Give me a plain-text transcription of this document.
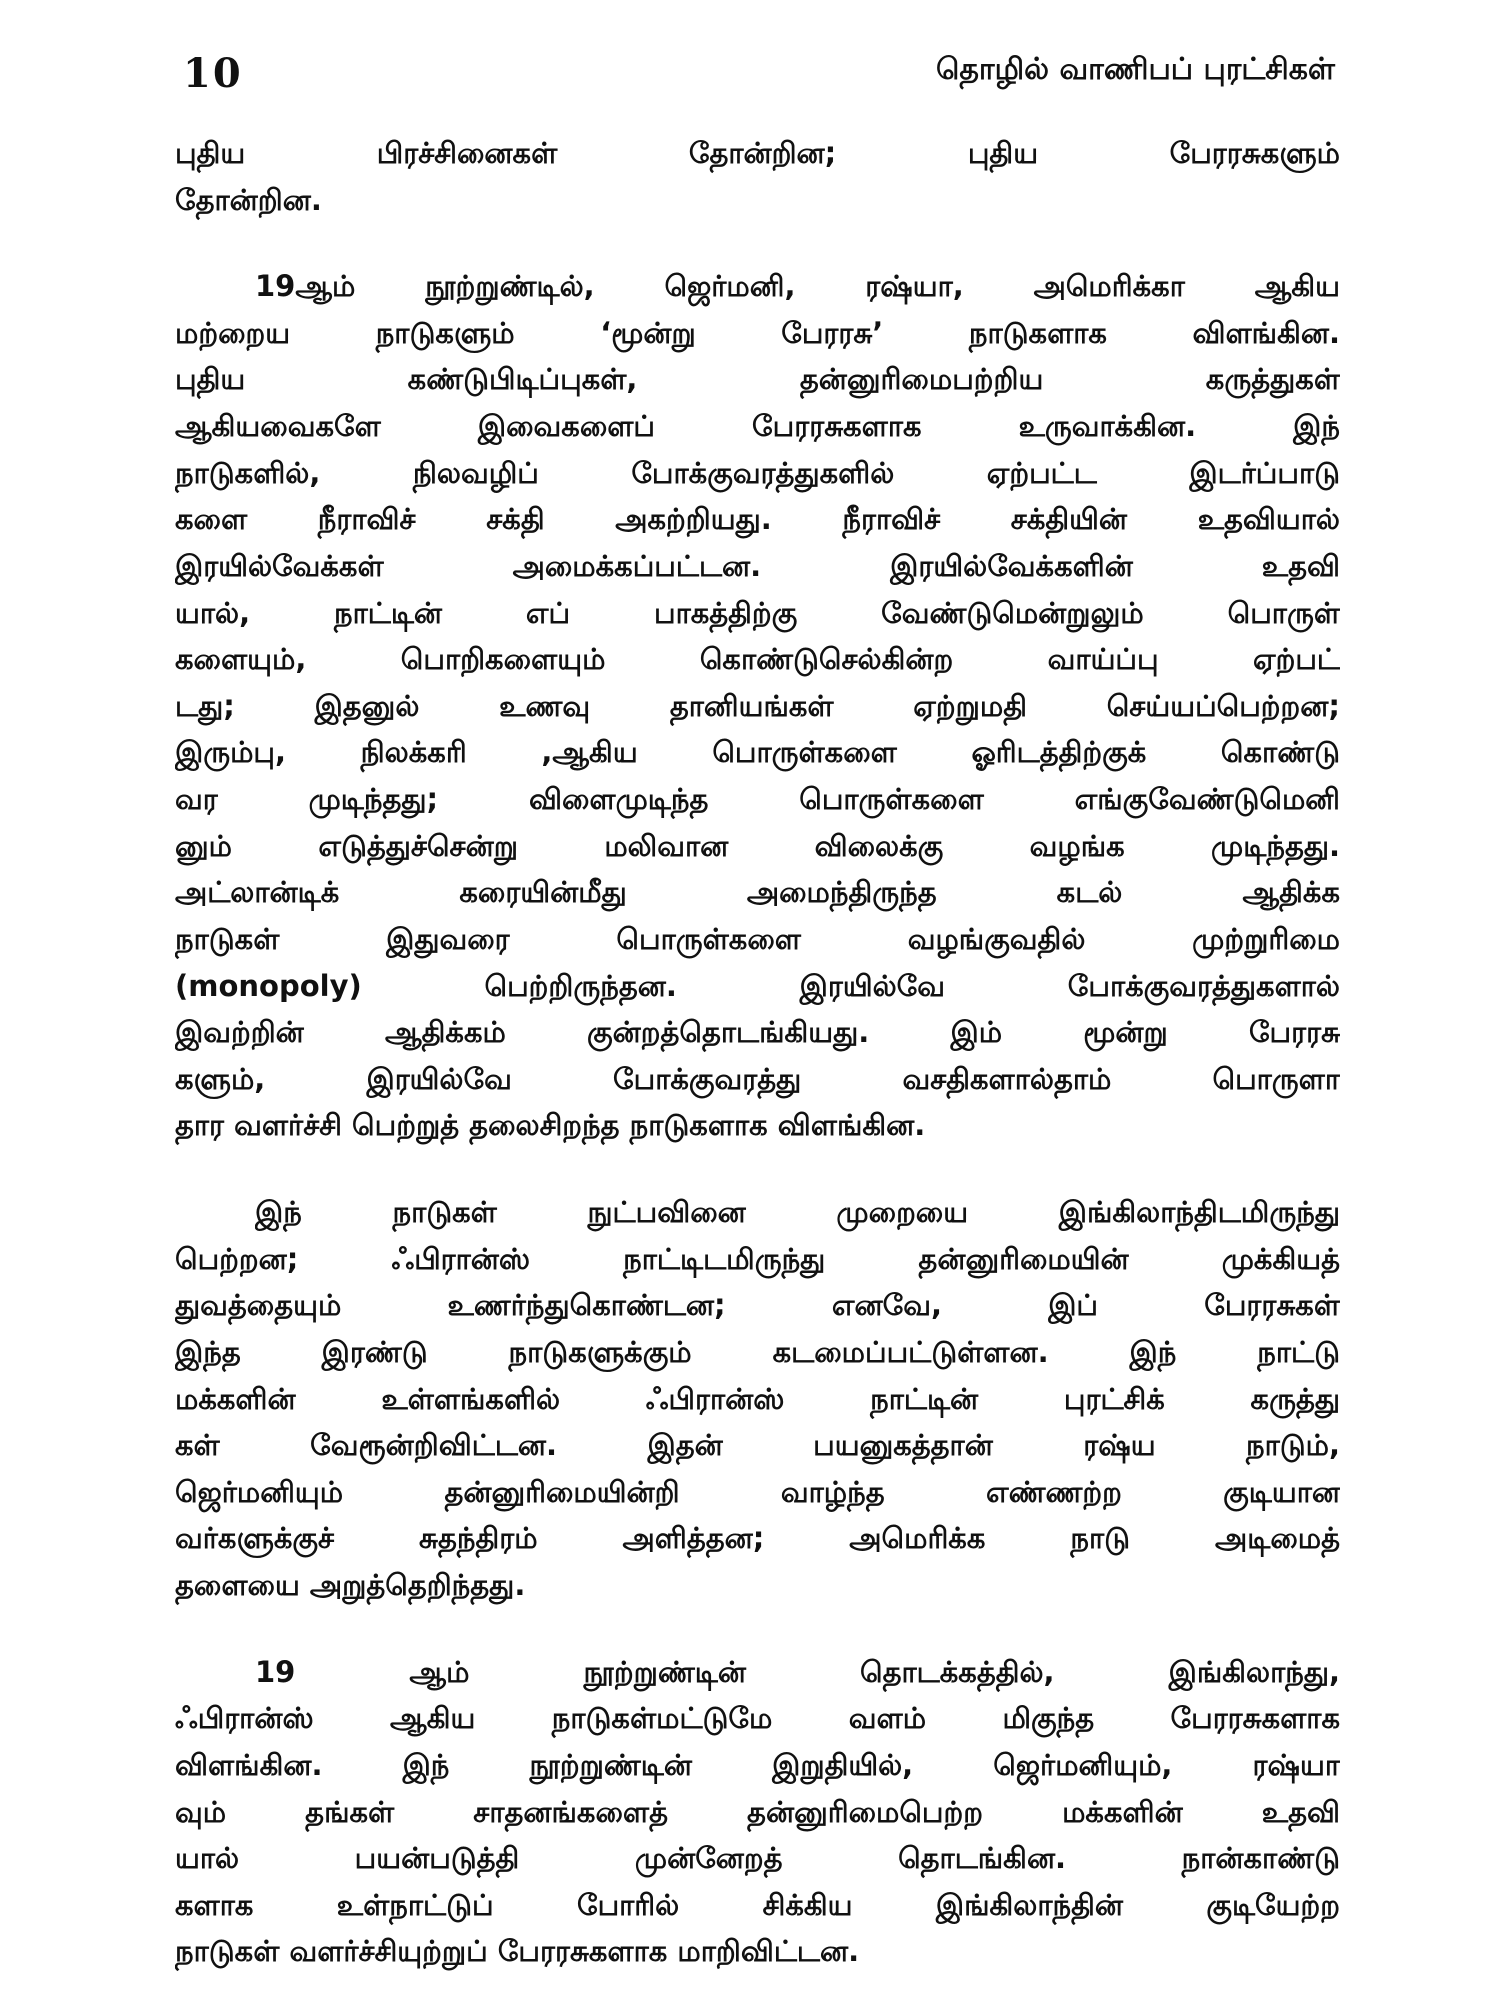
10	தொழில் வாணிபப் புரட்சிகள்
புதிய பிரச்சினைகள் தோன்றின; புதிய பேரரசுகளும்
தோன்றின.
19ஆம் நூற்றுண்டில், ஜெர்மனி, ரஷ்யா, அமெரிக்கா ஆகிய
மற்றைய நாடுகளும் ‘மூன்று பேரரசு’ நாடுகளாக விளங்கின.
புதிய கண்டுபிடிப்புகள், தன்னுரிமைபற்றிய கருத்துகள்
ஆகியவைகளே இவைகளைப் பேரரசுகளாக உருவாக்கின. இந்
நாடுகளில், நிலவழிப் போக்குவரத்துகளில் ஏற்பட்ட இடர்ப்பாடு
களை நீராவிச் சக்தி அகற்றியது. நீராவிச் சக்தியின் உதவியால்
இரயில்வேக்கள் அமைக்கப்பட்டன. இரயில்வேக்களின் உதவி
யால், நாட்டின் எப் பாகத்திற்கு வேண்டுமென்றுலும் பொருள்
களையும், பொறிகளையும் கொண்டுசெல்கின்ற வாய்ப்பு ஏற்பட்
டது; இதனுல் உணவு தானியங்கள் ஏற்றுமதி செய்யப்பெற்றன;
இரும்பு, நிலக்கரி ,ஆகிய பொருள்களை ஓரிடத்திற்குக் கொண்டு
வர முடிந்தது; விளைமுடிந்த பொருள்களை எங்குவேண்டுமெனி
னும் எடுத்துச்சென்று மலிவான விலைக்கு வழங்க முடிந்தது.
அட்லான்டிக் கரையின்மீது அமைந்திருந்த கடல் ஆதிக்க
நாடுகள் இதுவரை பொருள்களை வழங்குவதில் முற்றுரிமை
(monopoly) பெற்றிருந்தன. இரயில்வே போக்குவரத்துகளால்
இவற்றின் ஆதிக்கம் குன்றத்தொடங்கியது. இம் மூன்று பேரரசு
களும், இரயில்வே போக்குவரத்து வசதிகளால்தாம் பொருளா
தார வளர்ச்சி பெற்றுத் தலைசிறந்த நாடுகளாக விளங்கின.
இந் நாடுகள் நுட்பவினை முறையை இங்கிலாந்திடமிருந்து
பெற்றன; ஃபிரான்ஸ் நாட்டிடமிருந்து தன்னுரிமையின் முக்கியத்
துவத்தையும் உணர்ந்துகொண்டன; எனவே, இப் பேரரசுகள்
இந்த இரண்டு நாடுகளுக்கும் கடமைப்பட்டுள்ளன. இந் நாட்டு
மக்களின் உள்ளங்களில் ஃபிரான்ஸ் நாட்டின் புரட்சிக் கருத்து
கள் வேரூன்றிவிட்டன. இதன் பயனுகத்தான் ரஷ்ய நாடும்,
ஜெர்மனியும் தன்னுரிமையின்றி வாழ்ந்த எண்ணற்ற குடியான
வர்களுக்குச் சுதந்திரம் அளித்தன; அமெரிக்க நாடு அடிமைத்
தளையை அறுத்தெறிந்தது.
19 ஆம் நூற்றுண்டின் தொடக்கத்தில், இங்கிலாந்து,
ஃபிரான்ஸ் ஆகிய நாடுகள்மட்டுமே வளம் மிகுந்த பேரரசுகளாக
விளங்கின. இந் நூற்றுண்டின் இறுதியில், ஜெர்மனியும், ரஷ்யா
வும் தங்கள் சாதனங்களைத் தன்னுரிமைபெற்ற மக்களின் உதவி
யால் பயன்படுத்தி முன்னேறத் தொடங்கின. நான்காண்டு
களாக உள்நாட்டுப் போரில் சிக்கிய இங்கிலாந்தின் குடியேற்ற
நாடுகள் வளர்ச்சியுற்றுப் பேரரசுகளாக மாறிவிட்டன.
